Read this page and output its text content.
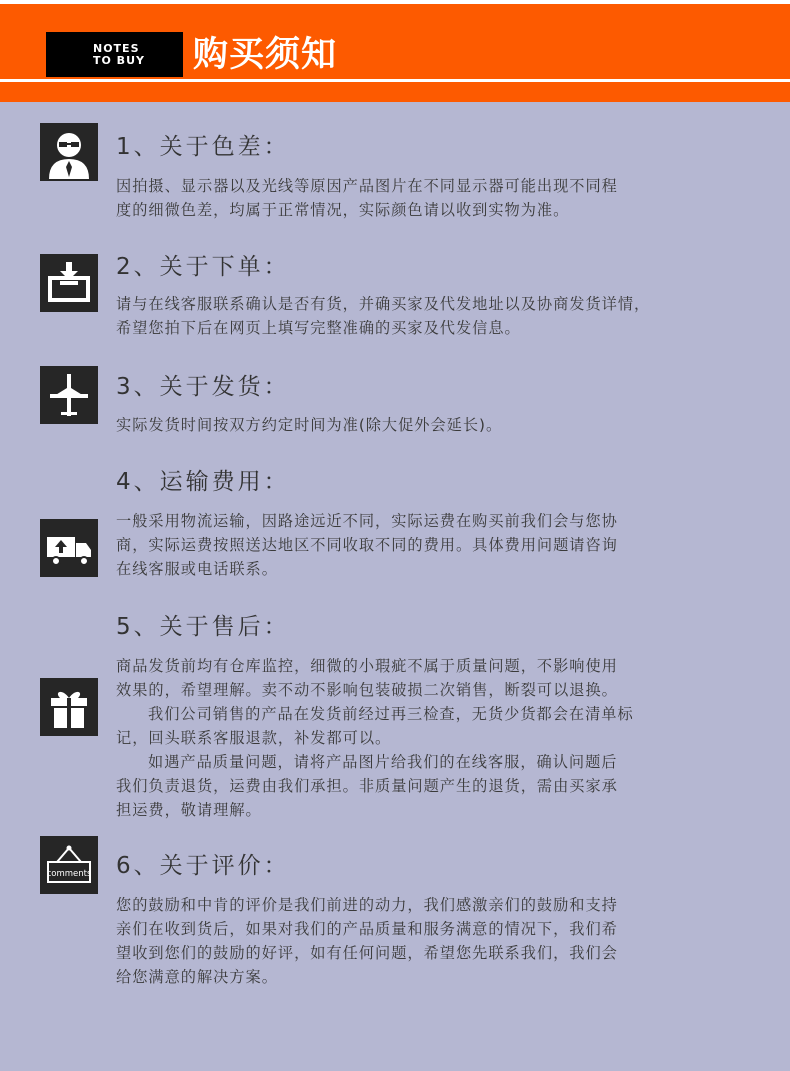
NOTES
TO BUY	购买须知
1、关于色差：

因拍摄、显示器以及光线等原因产品图片在不同显示器可能出现不同程

度的细微色差，均属于正常情况，实际颜色请以收到实物为准。

2、关于下单：

请与在线客服联系确认是否有货，并确买家及代发地址以及协商发货详情，

希望您拍下后在网页上填写完整准确的买家及代发信息。

3、关于发货：

实际发货时间按双方约定时间为准(除大促外会延长)。

4、运输费用：

一般采用物流运输，因路途远近不同，实际运费在购买前我们会与您协

商，实际运费按照送达地区不同收取不同的费用。具体费用问题请咨询

在线客服或电话联系。

5、关于售后：

商品发货前均有仓库监控，细微的小瑕疵不属于质量问题，不影响使用

效果的，希望理解。卖不动不影响包装破损二次销售，断裂可以退换。

我们公司销售的产品在发货前经过再三检查，无货少货都会在清单标

记，回头联系客服退款，补发都可以。

如遇产品质量问题，请将产品图片给我们的在线客服，确认问题后

我们负责退货，运费由我们承担。非质量问题产生的退货，需由买家承

担运费，敬请理解。

comments 6、关于评价：

您的鼓励和中肯的评价是我们前进的动力，我们感激亲们的鼓励和支持

亲们在收到货后，如果对我们的产品质量和服务满意的情况下，我们希

望收到您们的鼓励的好评，如有任何问题，希望您先联系我们，我们会

给您满意的解决方案。
